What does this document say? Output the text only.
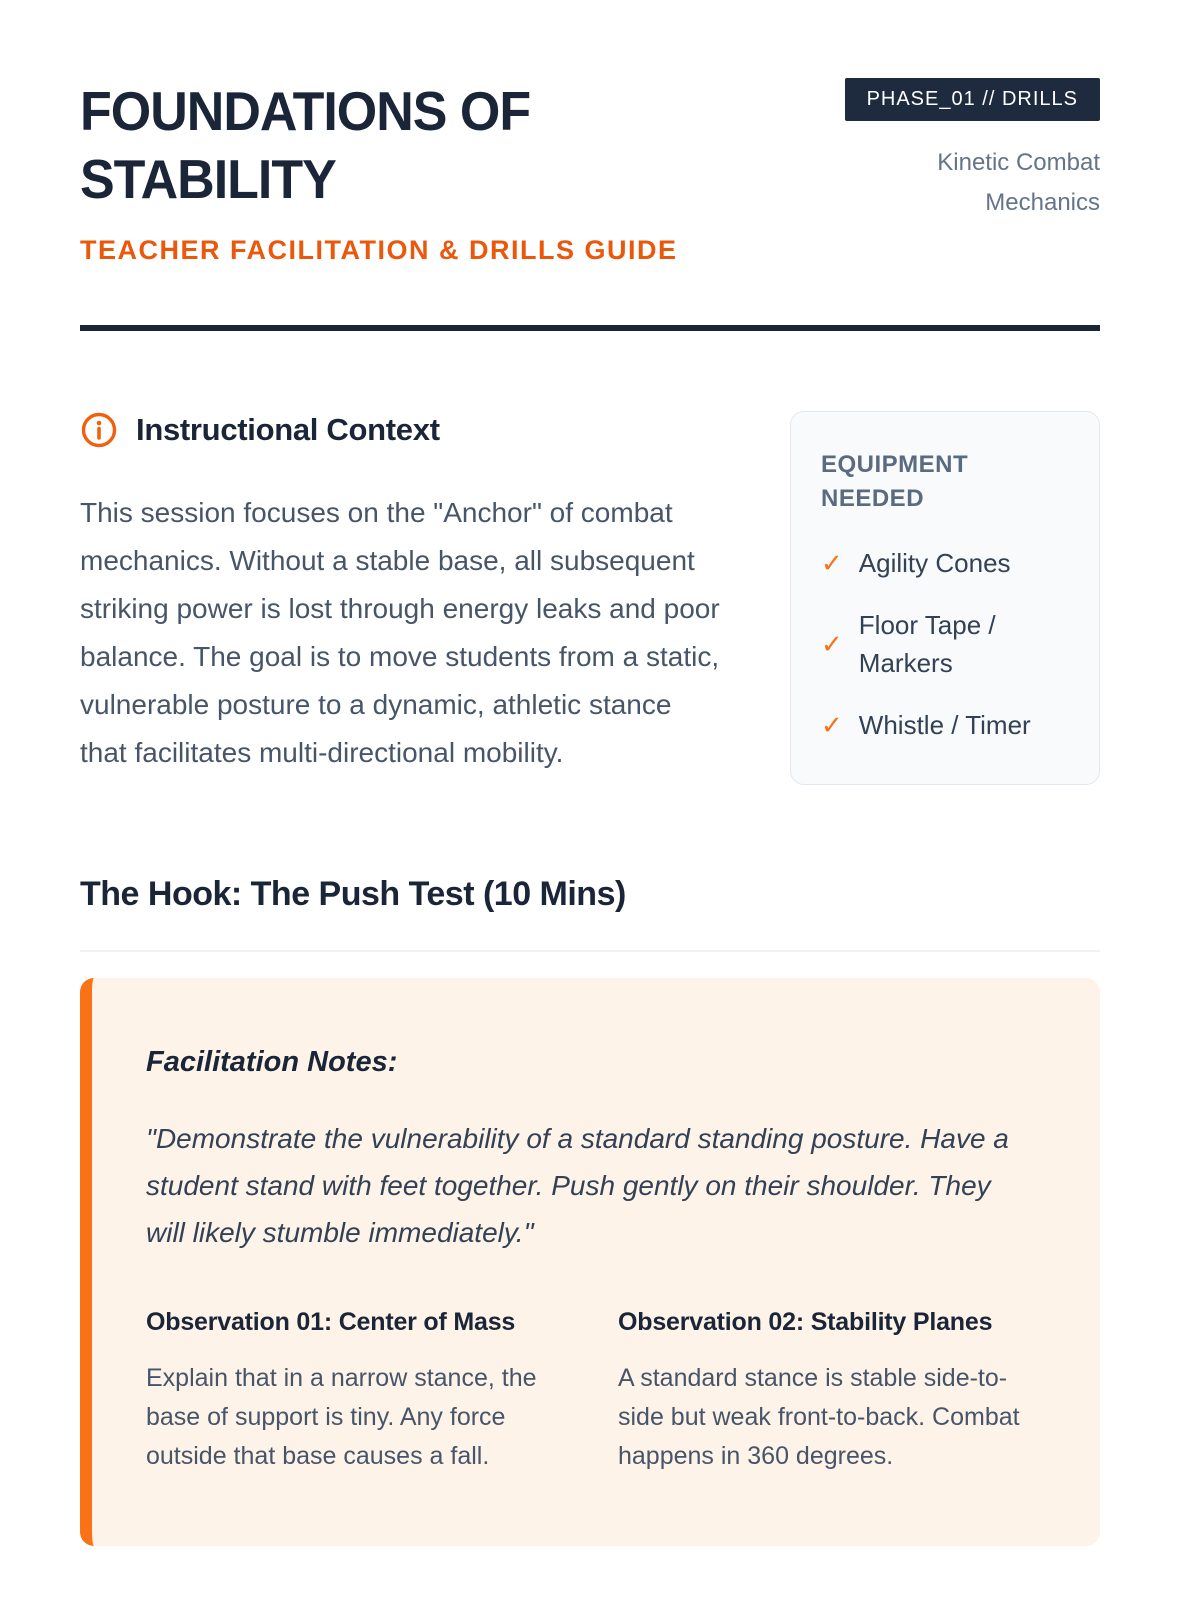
FOUNDATIONS OF STABILITY
TEACHER FACILITATION & DRILLS GUIDE
PHASE_01 // DRILLS
Kinetic Combat Mechanics
Instructional Context

This session focuses on the "Anchor" of combat mechanics. Without a stable base, all subsequent striking power is lost through energy leaks and poor balance. The goal is to move students from a static, vulnerable posture to a dynamic, athletic stance that facilitates multi-directional mobility.

EQUIPMENT NEEDED
✓ Agility Cones
✓
Floor Tape / Markers
✓ Whistle / Timer
The Hook: The Push Test (10 Mins)
Facilitation Notes:

"Demonstrate the vulnerability of a standard standing posture. Have a student stand with feet together. Push gently on their shoulder. They will likely stumble immediately."

Observation 01: Center of Mass

Explain that in a narrow stance, the base of support is tiny. Any force outside that base causes a fall.

Observation 02: Stability Planes

A standard stance is stable side-to-side but weak front-to-back. Combat happens in 360 degrees.
